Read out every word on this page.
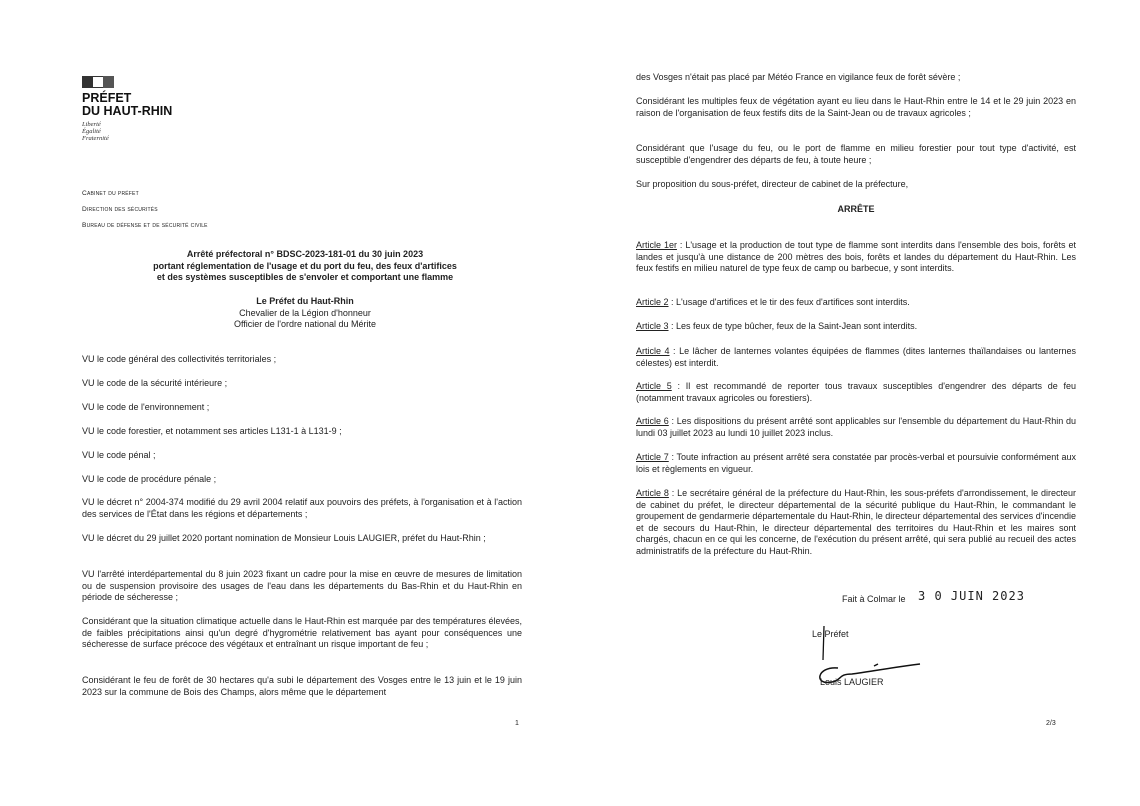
PRÉFET
DU HAUT-RHIN
Liberté
Égalité
Fraternité
Cabinet du préfet
Direction des sécurités
Bureau de défense et de sécurité civile
Arrêté préfectoral n° BDSC-2023-181-01 du 30 juin 2023
portant réglementation de l'usage et du port du feu, des feux d'artifices
et des systèmes susceptibles de s'envoler et comportant une flamme
Le Préfet du Haut-Rhin
Chevalier de la Légion d'honneur
Officier de l'ordre national du Mérite
VU le code général des collectivités territoriales ;
VU le code de la sécurité intérieure ;
VU le code de l'environnement ;
VU le code forestier, et notamment ses articles L131-1 à L131-9 ;
VU le code pénal ;
VU le code de procédure pénale ;
VU le décret n° 2004-374 modifié du 29 avril 2004 relatif aux pouvoirs des préfets, à l'organisation et à l'action des services de l'État dans les régions et départements ;
VU le décret du 29 juillet 2020 portant nomination de Monsieur Louis LAUGIER, préfet du Haut-Rhin ;
VU l'arrêté interdépartemental du 8 juin 2023 fixant un cadre pour la mise en œuvre de mesures de limitation ou de suspension provisoire des usages de l'eau dans les départements du Bas-Rhin et du Haut-Rhin en période de sécheresse ;
Considérant que la situation climatique actuelle dans le Haut-Rhin est marquée par des températures élevées, de faibles précipitations ainsi qu'un degré d'hygrométrie relativement bas ayant pour conséquences une sécheresse de surface précoce des végétaux et entraînant un risque important de feu ;
Considérant le feu de forêt de 30 hectares qu'a subi le département des Vosges entre le 13 juin et le 19 juin 2023 sur la commune de Bois des Champs, alors même que le département
1
des Vosges n'était pas placé par Météo France en vigilance feux de forêt sévère ;
Considérant les multiples feux de végétation ayant eu lieu dans le Haut-Rhin entre le 14 et le 29 juin 2023 en raison de l'organisation de feux festifs dits de la Saint-Jean ou de travaux agricoles ;
Considérant que l'usage du feu, ou le port de flamme en milieu forestier pour tout type d'activité, est susceptible d'engendrer des départs de feu, à toute heure ;
Sur proposition du sous-préfet, directeur de cabinet de la préfecture,
ARRÊTE
Article 1er : L'usage et la production de tout type de flamme sont interdits dans l'ensemble des bois, forêts et landes et jusqu'à une distance de 200 mètres des bois, forêts et landes du département du Haut-Rhin. Les feux festifs en milieu naturel de type feux de camp ou barbecue, y sont interdits.
Article 2 : L'usage d'artifices et le tir des feux d'artifices sont interdits.
Article 3 : Les feux de type bûcher, feux de la Saint-Jean sont interdits.
Article 4 : Le lâcher de lanternes volantes équipées de flammes (dites lanternes thaïlandaises ou lanternes célestes) est interdit.
Article 5 : Il est recommandé de reporter tous travaux susceptibles d'engendrer des départs de feu (notamment travaux agricoles ou forestiers).
Article 6 : Les dispositions du présent arrêté sont applicables sur l'ensemble du département du Haut-Rhin du lundi 03 juillet 2023 au lundi 10 juillet 2023 inclus.
Article 7 : Toute infraction au présent arrêté sera constatée par procès-verbal et poursuivie conformément aux lois et règlements en vigueur.
Article 8 : Le secrétaire général de la préfecture du Haut-Rhin, les sous-préfets d'arrondissement, le directeur de cabinet du préfet, le directeur départemental de la sécurité publique du Haut-Rhin, le commandant le groupement de gendarmerie départementale du Haut-Rhin, le directeur départemental des services d'incendie et de secours du Haut-Rhin, le directeur départemental des territoires du Haut-Rhin et les maires sont chargés, chacun en ce qui les concerne, de l'exécution du présent arrêté, qui sera publié au recueil des actes administratifs de la préfecture du Haut-Rhin.
Fait à Colmar le 3 0 JUIN 2023
Le Préfet
Louis LAUGIER
2/3
